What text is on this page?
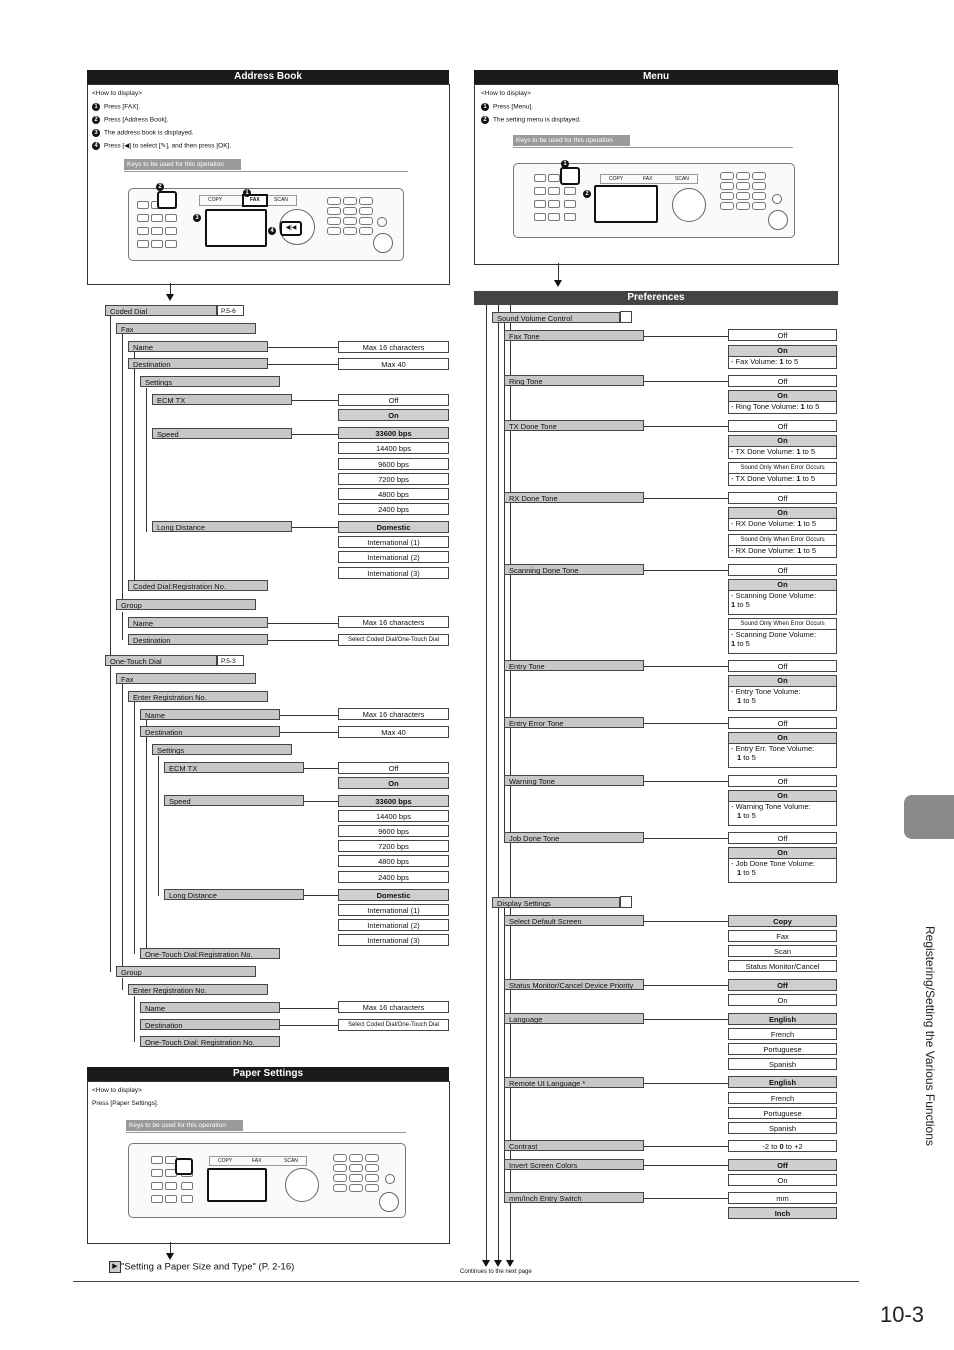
Address Book
<How to display>
1 Press [FAX].
2 Press [Address Book].
3 The address book is displayed.
4 Press [◀] to select [✎], and then press [OK].
Keys to be used for this operation
COPY	FAX	SCAN
◀|◀
2
1
3
4
Menu
<How to display>
1 Press [Menu].
2 The setting menu is displayed.
Keys to be used for this operation
COPY	FAX	SCAN
1
2
Coded Dial	P.5-6
Fax
Name	Max 16 characters
Destination	Max 40
Settings
ECM TX	Off
On
Speed	33600 bps
14400 bps
9600 bps
7200 bps
4800 bps
2400 bps
Long Distance	Domestic
International (1)
International (2)
International (3)
Coded Dial:Registration No.
Group
Name	Max 16 characters
Destination	Select Coded Dial/One-Touch Dial
One-Touch Dial	P.5-3
Fax
Enter Registration No.
Name	Max 16 characters
Destination	Max 40
Settings
ECM TX	Off
On
Speed	33600 bps
14400 bps
9600 bps
7200 bps
4800 bps
2400 bps
Long Distance	Domestic
International (1)
International (2)
International (3)
One-Touch Dial:Registration No.
Group
Enter Registration No.
Name	Max 16 characters
Destination	Select Coded Dial/One-Touch Dial
One-Touch Dial: Registration No.
Paper Settings
<How to display>
Press [Paper Settings].
Keys to be used for this operation
COPY	FAX	SCAN
▶ "Setting a Paper Size and Type" (P. 2-16)
Preferences
Sound Volume Control
Fax Tone	Off
On
- Fax Volume: 1 to 5
Ring Tone	Off
On
- Ring Tone Volume: 1 to 5
TX Done Tone	Off
On
- TX Done Volume: 1 to 5
Sound Only When Error Occurs
- TX Done Volume: 1 to 5
RX Done Tone	Off
On
- RX Done Volume: 1 to 5
Sound Only When Error Occurs
- RX Done Volume: 1 to 5
Scanning Done Tone	Off
On
- Scanning Done Volume:
1 to 5
Sound Only When Error Occurs
- Scanning Done Volume:
1 to 5
Entry Tone	Off
On
- Entry Tone Volume:
1 to 5
Entry Error Tone	Off
On
- Entry Err. Tone Volume:
1 to 5
Warning Tone	Off
On
- Warning Tone Volume:
1 to 5
Job Done Tone	Off
On
- Job Done Tone Volume:
1 to 5
Display Settings
Select Default Screen	Copy
Fax
Scan
Status Monitor/Cancel
Status Monitor/Cancel Device Priority	Off
On
Language	English
French
Portuguese
Spanish
Remote UI Language *	English
French
Portuguese
Spanish
Contrast	-2 to 0 to +2
Invert Screen Colors	Off
On
mm/Inch Entry Switch	mm
Inch
Continues to the next page
Registering/Setting the Various Functions
10-3
